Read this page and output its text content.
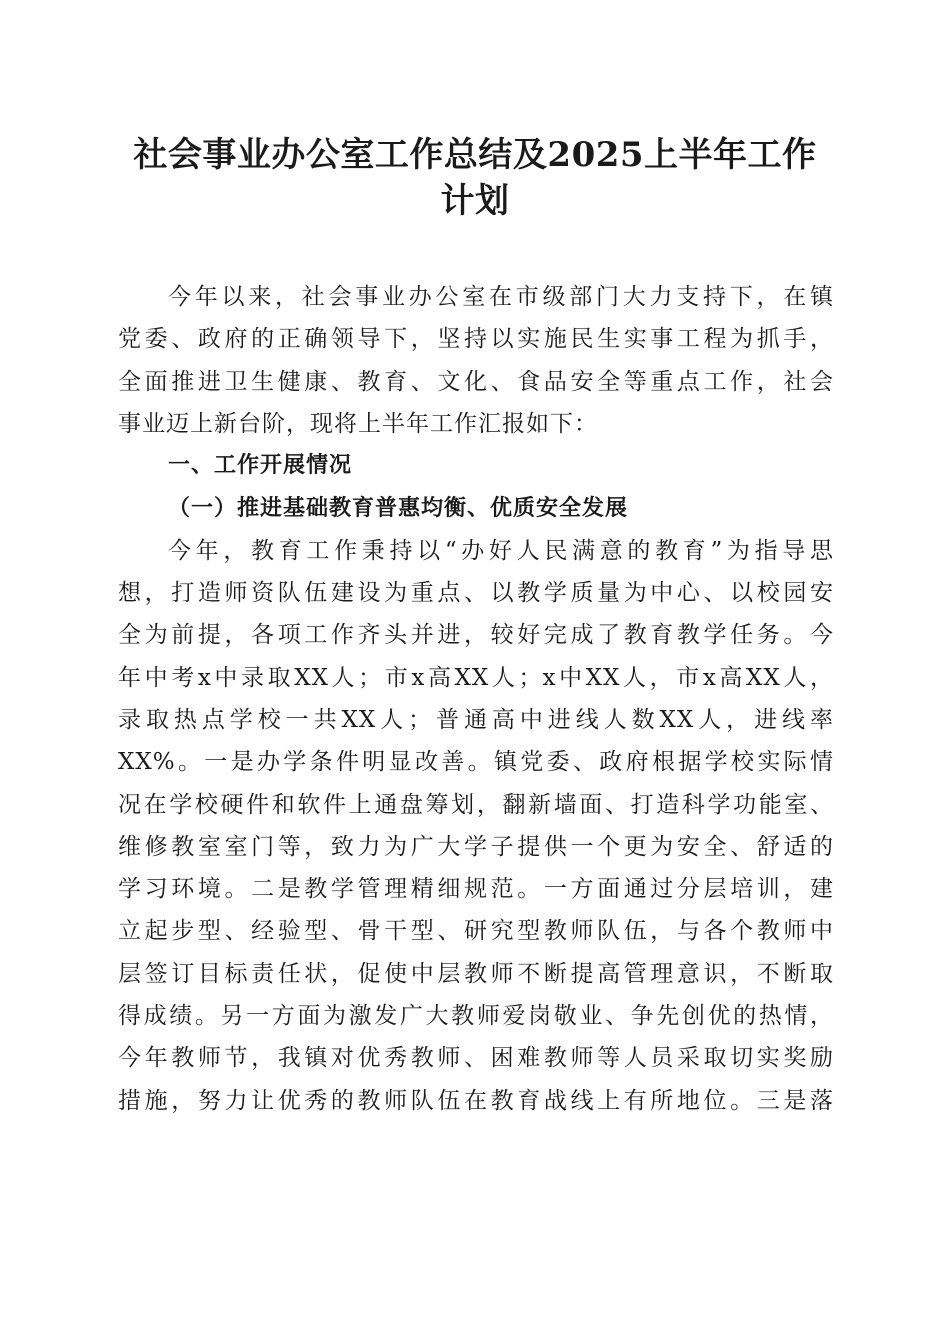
社会事业办公室工作总结及2025上半年工作
计划
今年以来，社会事业办公室在市级部门大力支持下，在镇
党委、政府的正确领导下，坚持以实施民生实事工程为抓手，
全面推进卫生健康、教育、文化、食品安全等重点工作，社会
事业迈上新台阶，现将上半年工作汇报如下：
一、工作开展情况
（一）推进基础教育普惠均衡、优质安全发展
今年，教育工作秉持以“办好人民满意的教育”为指导思
想，打造师资队伍建设为重点、以教学质量为中心、以校园安
全为前提，各项工作齐头并进，较好完成了教育教学任务。今
年中考x中录取XX人；市x高XX人；x中XX人，市x高XX人，
录取热点学校一共XX人；普通高中进线人数XX人，进线率
XX%。一是办学条件明显改善。镇党委、政府根据学校实际情
况在学校硬件和软件上通盘筹划，翻新墙面、打造科学功能室、
维修教室室门等，致力为广大学子提供一个更为安全、舒适的
学习环境。二是教学管理精细规范。一方面通过分层培训，建
立起步型、经验型、骨干型、研究型教师队伍，与各个教师中
层签订目标责任状，促使中层教师不断提高管理意识，不断取
得成绩。另一方面为激发广大教师爱岗敬业、争先创优的热情，
今年教师节，我镇对优秀教师、困难教师等人员采取切实奖励
措施，努力让优秀的教师队伍在教育战线上有所地位。三是落
